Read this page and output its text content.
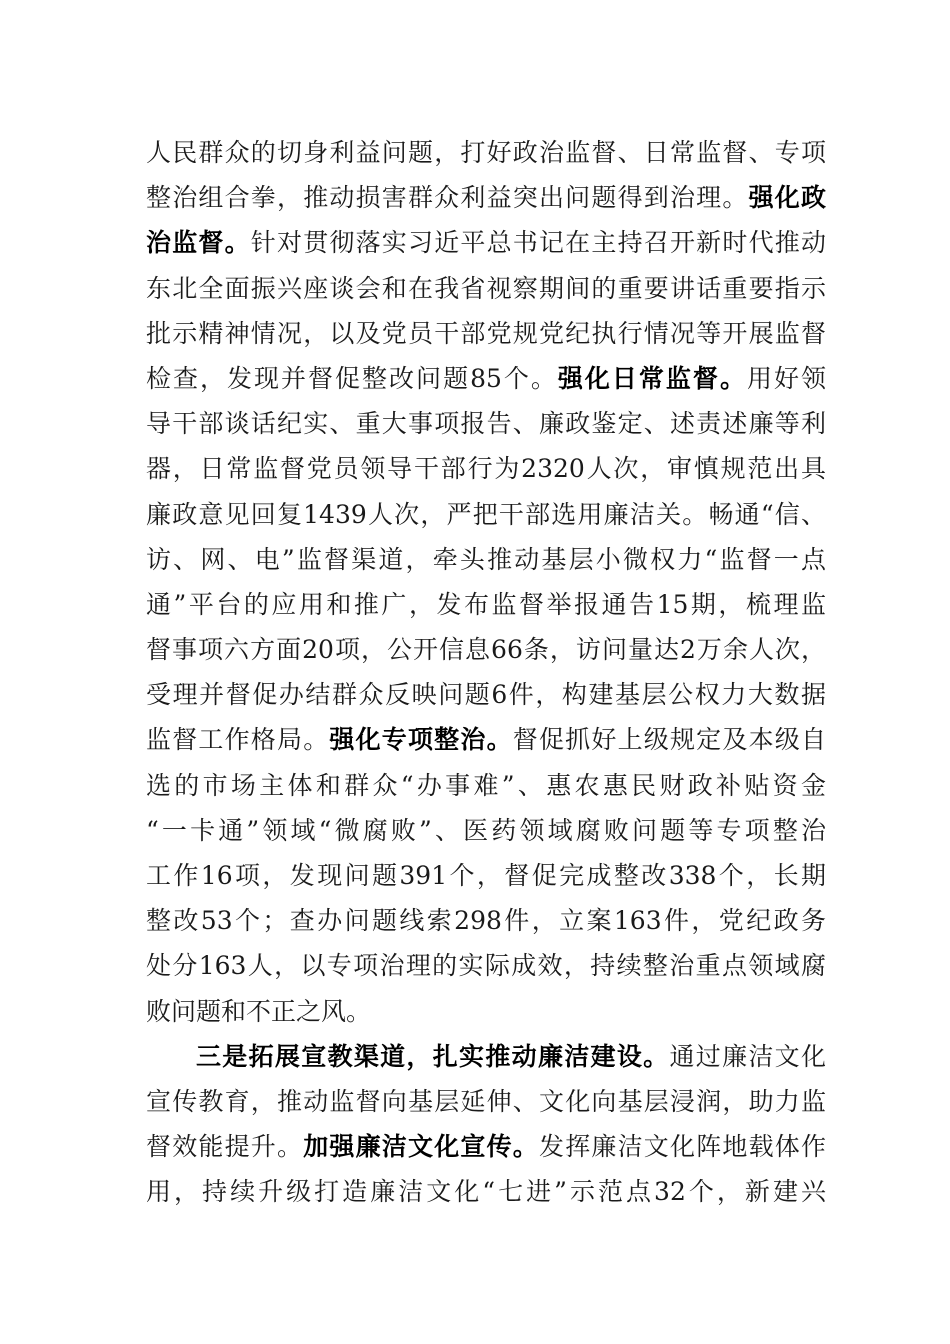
人民群众的切身利益问题，打好政治监督、日常监督、专项
整治组合拳，推动损害群众利益突出问题得到治理。强化政
治监督。针对贯彻落实习近平总书记在主持召开新时代推动
东北全面振兴座谈会和在我省视察期间的重要讲话重要指示
批示精神情况，以及党员干部党规党纪执行情况等开展监督
检查，发现并督促整改问题85个。强化日常监督。用好领
导干部谈话纪实、重大事项报告、廉政鉴定、述责述廉等利
器，日常监督党员领导干部行为2320人次，审慎规范出具
廉政意见回复1439人次，严把干部选用廉洁关。畅通“信、
访、网、电”监督渠道，牵头推动基层小微权力“监督一点
通”平台的应用和推广，发布监督举报通告15期，梳理监
督事项六方面20项，公开信息66条，访问量达2万余人次，
受理并督促办结群众反映问题6件，构建基层公权力大数据
监督工作格局。强化专项整治。督促抓好上级规定及本级自
选的市场主体和群众“办事难”、惠农惠民财政补贴资金
“一卡通”领域“微腐败”、医药领域腐败问题等专项整治
工作16项，发现问题391个，督促完成整改338个，长期
整改53个；查办问题线索298件，立案163件，党纪政务
处分163人，以专项治理的实际成效，持续整治重点领域腐
败问题和不正之风。
三是拓展宣教渠道，扎实推动廉洁建设。通过廉洁文化
宣传教育，推动监督向基层延伸、文化向基层浸润，助力监
督效能提升。加强廉洁文化宣传。发挥廉洁文化阵地载体作
用，持续升级打造廉洁文化“七进”示范点32个，新建兴
